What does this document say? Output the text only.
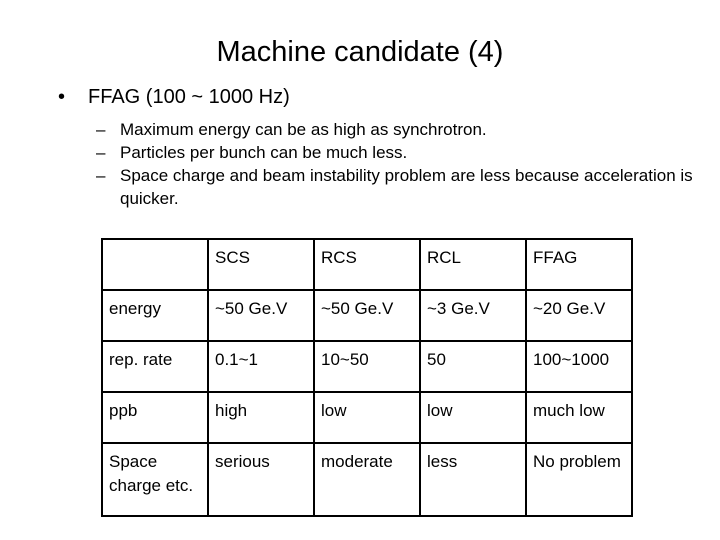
Machine candidate (4)
• FFAG (100 ~ 1000 Hz)
– Maximum energy can be as high as synchrotron.
– Particles per bunch can be much less.
– Space charge and beam instability problem are less because acceleration is quicker.
	SCS	RCS	RCL	FFAG
energy	~50 Ge.V	~50 Ge.V	~3 Ge.V	~20 Ge.V
rep. rate	0.1~1	10~50	50	100~1000
ppb	high	low	low	much low
Space charge etc.	serious	moderate	less	No problem
